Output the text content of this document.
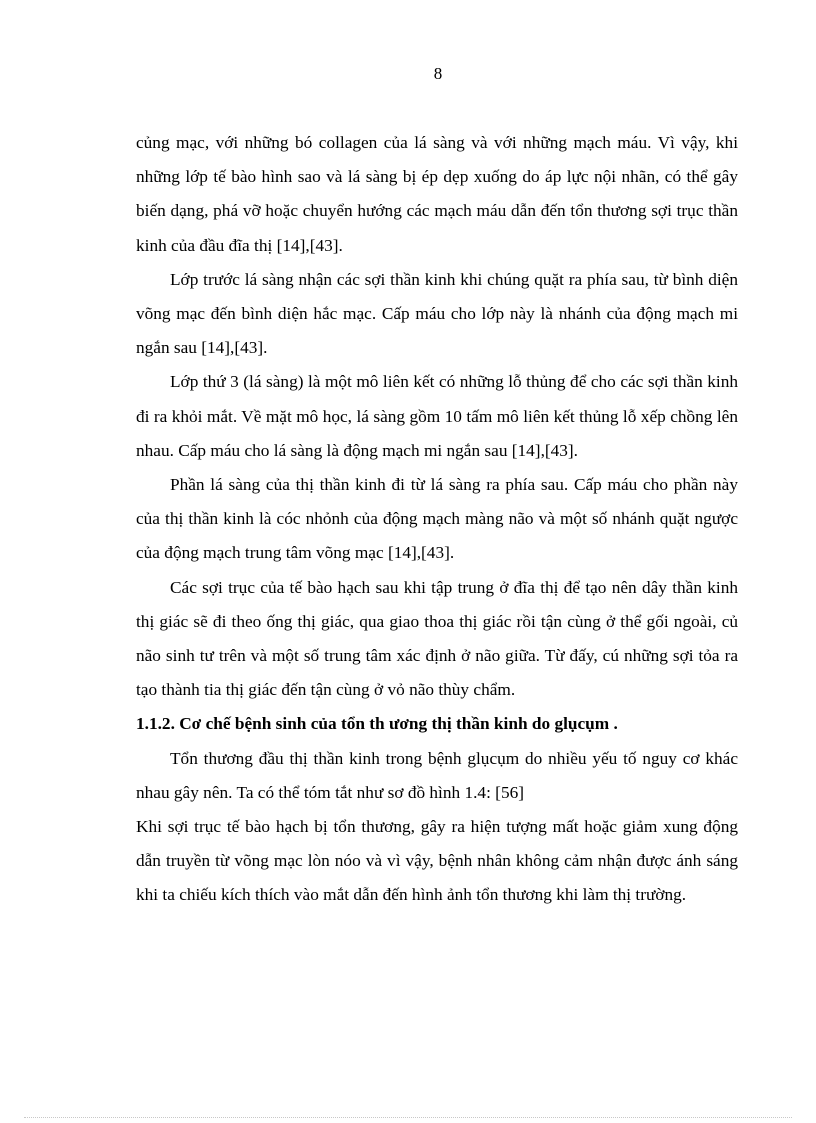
8

củng mạc, với những bó collagen của lá sàng và với những mạch máu. Vì vậy, khi những lớp tế bào hình sao và lá sàng bị ép dẹp xuống do áp lực nội nhãn, có thể gây biến dạng, phá vỡ hoặc chuyển hướng các mạch máu dẫn đến tổn thương sợi trục thần kinh của đầu đĩa thị [14],[43].

Lớp trước lá sàng nhận các sợi thần kinh khi chúng quặt ra phía sau, từ bình diện võng mạc đến bình diện hắc mạc. Cấp máu cho lớp này là nhánh của động mạch mi ngắn sau [14],[43].

Lớp thứ 3 (lá sàng) là một mô liên kết có những lỗ thủng để cho các sợi thần kinh đi ra khỏi mắt. Về mặt mô học, lá sàng gồm 10 tấm mô liên kết thủng lỗ xếp chồng lên nhau. Cấp máu cho lá sàng là động mạch mi ngắn sau [14],[43].

Phần lá sàng của thị thần kinh đi từ lá sàng ra phía sau. Cấp máu cho phần này của thị thần kinh là cóc nhỏnh của động mạch màng não và một số nhánh quặt ngược của động mạch trung tâm võng mạc [14],[43].

Các sợi trục của tế bào hạch sau khi tập trung ở đĩa thị để tạo nên dây thần kinh thị giác sẽ đi theo ống thị giác, qua giao thoa thị giác rồi tận cùng ở thể gối ngoài, củ não sinh tư trên và một số trung tâm xác định ở não giữa. Từ đấy, cú những sợi tỏa ra tạo thành tia thị giác đến tận cùng ở vỏ não thùy chẩm.

1.1.2. Cơ chế bệnh sinh của tổn th ương thị thần kinh do glụcụm .

Tổn thương đầu thị thần kinh trong bệnh glụcụm do nhiều yếu tố nguy cơ khác nhau gây nên. Ta có thể tóm tắt như sơ đồ hình 1.4: [56]

Khi sợi trục tế bào hạch bị tổn thương, gây ra hiện tượng mất hoặc giảm xung động dẫn truyền từ võng mạc lòn nóo và vì vậy, bệnh nhân không cảm nhận được ánh sáng khi ta chiếu kích thích vào mắt dẫn đến hình ảnh tổn thương khi làm thị trường.
